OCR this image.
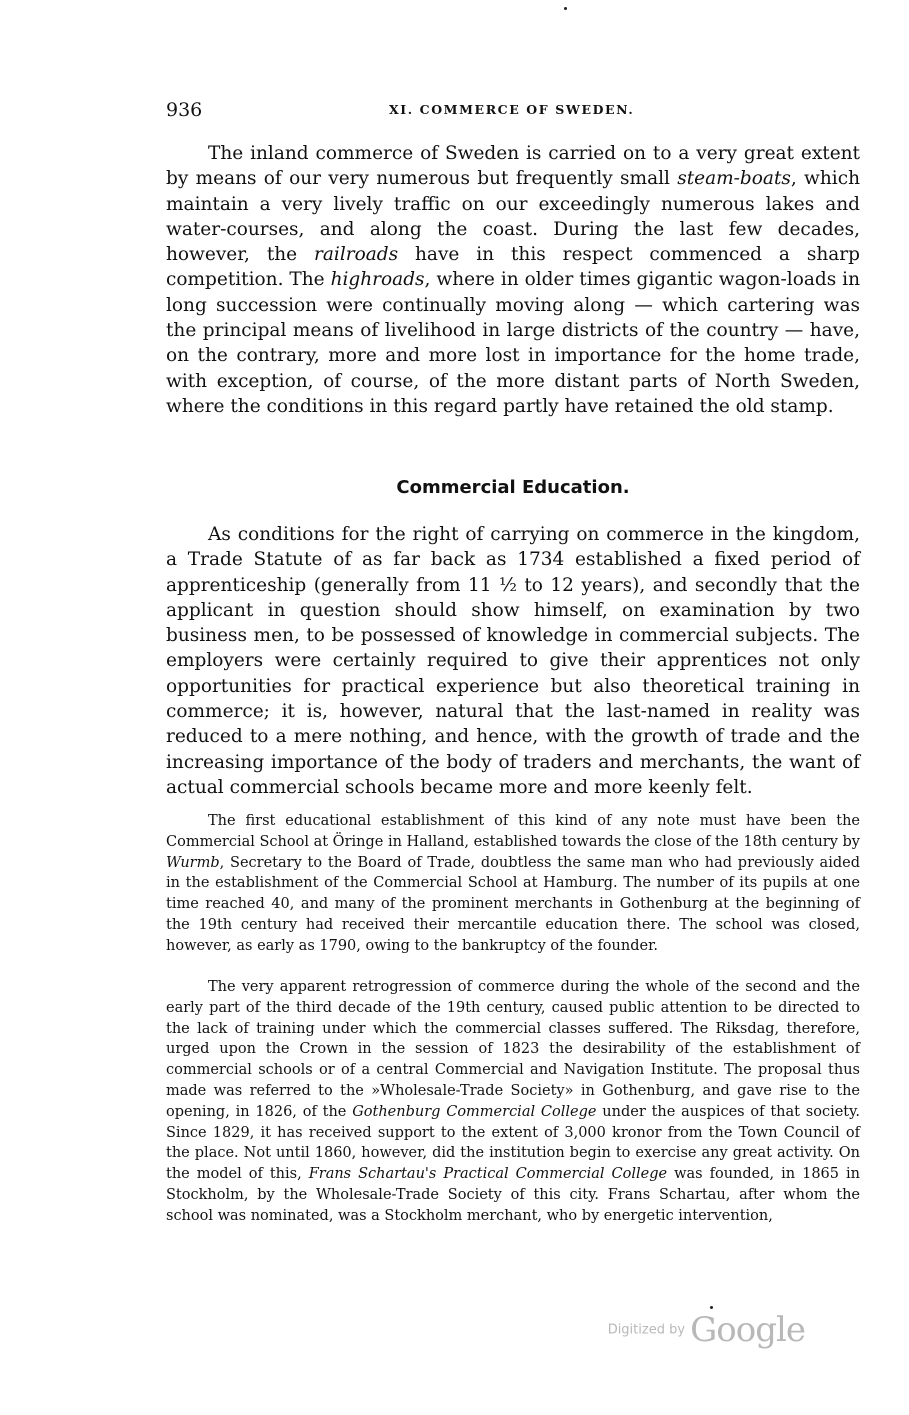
936	XI. COMMERCE OF SWEDEN.

The inland commerce of Sweden is carried on to a very great extent by means of our very numerous but frequently small steam-boats, which maintain a very lively traffic on our exceedingly numerous lakes and water-courses, and along the coast. During the last few decades, however, the railroads have in this respect commenced a sharp competition. The highroads, where in older times gigantic wagon-loads in long succession were continually moving along — which cartering was the principal means of livelihood in large districts of the country — have, on the contrary, more and more lost in importance for the home trade, with exception, of course, of the more distant parts of North Sweden, where the conditions in this regard partly have retained the old stamp.

Commercial Education.

As conditions for the right of carrying on commerce in the kingdom, a Trade Statute of as far back as 1734 established a fixed period of apprenticeship (generally from 11 ½ to 12 years), and secondly that the applicant in question should show himself, on examination by two business men, to be possessed of knowledge in commercial subjects. The employers were certainly required to give their apprentices not only opportunities for practical experience but also theoretical training in commerce; it is, however, natural that the last-named in reality was reduced to a mere nothing, and hence, with the growth of trade and the increasing importance of the body of traders and merchants, the want of actual commercial schools became more and more keenly felt.

The first educational establishment of this kind of any note must have been the Commercial School at Öringe in Halland, established towards the close of the 18th century by Wurmb, Secretary to the Board of Trade, doubtless the same man who had previously aided in the establishment of the Commercial School at Hamburg. The number of its pupils at one time reached 40, and many of the prominent merchants in Gothenburg at the beginning of the 19th century had received their mercantile education there. The school was closed, however, as early as 1790, owing to the bankruptcy of the founder.

The very apparent retrogression of commerce during the whole of the second and the early part of the third decade of the 19th century, caused public attention to be directed to the lack of training under which the commercial classes suffered. The Riksdag, therefore, urged upon the Crown in the session of 1823 the desirability of the establishment of commercial schools or of a central Commercial and Navigation Institute. The proposal thus made was referred to the »Wholesale-Trade Society» in Gothenburg, and gave rise to the opening, in 1826, of the Gothenburg Commercial College under the auspices of that society. Since 1829, it has received support to the extent of 3,000 kronor from the Town Council of the place. Not until 1860, however, did the institution begin to exercise any great activity. On the model of this, Frans Schartau's Practical Commercial College was founded, in 1865 in Stockholm, by the Wholesale-Trade Society of this city. Frans Schartau, after whom the school was nominated, was a Stockholm merchant, who by energetic intervention,

Digitized by Google
